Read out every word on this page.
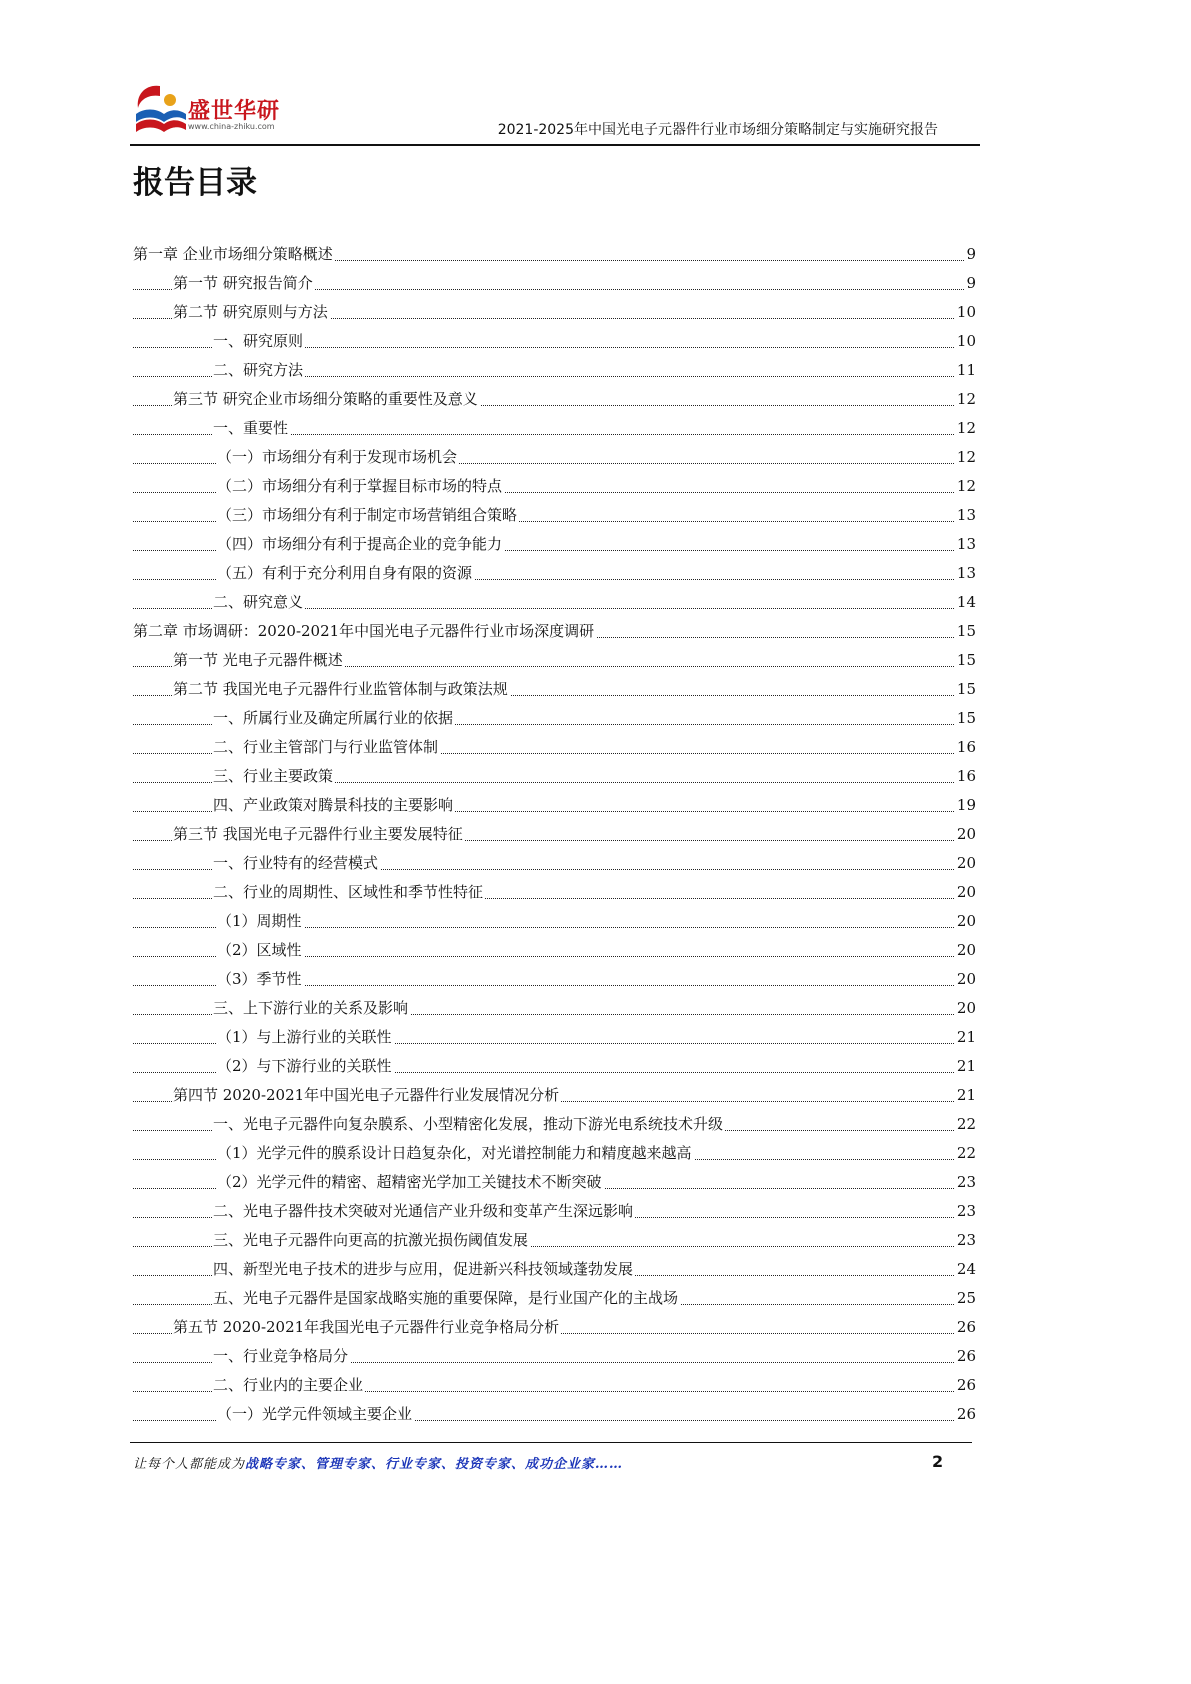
盛世华研
www.china-zhiku.com	2021-2025年中国光电子元器件行业市场细分策略制定与实施研究报告
报告目录
第一章 企业市场细分策略概述	9
第一节 研究报告简介	9
第二节 研究原则与方法	10
一、研究原则	10
二、研究方法	11
第三节 研究企业市场细分策略的重要性及意义	12
一、重要性	12
（一）市场细分有利于发现市场机会	12
（二）市场细分有利于掌握目标市场的特点	12
（三）市场细分有利于制定市场营销组合策略	13
（四）市场细分有利于提高企业的竞争能力	13
（五）有利于充分利用自身有限的资源	13
二、研究意义	14
第二章 市场调研：2020-2021年中国光电子元器件行业市场深度调研	15
第一节 光电子元器件概述	15
第二节 我国光电子元器件行业监管体制与政策法规	15
一、所属行业及确定所属行业的依据	15
二、行业主管部门与行业监管体制	16
三、行业主要政策	16
四、产业政策对腾景科技的主要影响	19
第三节 我国光电子元器件行业主要发展特征	20
一、行业特有的经营模式	20
二、行业的周期性、区域性和季节性特征	20
（1）周期性	20
（2）区域性	20
（3）季节性	20
三、上下游行业的关系及影响	20
（1）与上游行业的关联性	21
（2）与下游行业的关联性	21
第四节 2020-2021年中国光电子元器件行业发展情况分析	21
一、光电子元器件向复杂膜系、小型精密化发展，推动下游光电系统技术升级	22
（1）光学元件的膜系设计日趋复杂化，对光谱控制能力和精度越来越高	22
（2）光学元件的精密、超精密光学加工关键技术不断突破	23
二、光电子器件技术突破对光通信产业升级和变革产生深远影响	23
三、光电子元器件向更高的抗激光损伤阈值发展	23
四、新型光电子技术的进步与应用，促进新兴科技领域蓬勃发展	24
五、光电子元器件是国家战略实施的重要保障，是行业国产化的主战场	25
第五节 2020-2021年我国光电子元器件行业竞争格局分析	26
一、行业竞争格局分	26
二、行业内的主要企业	26
（一）光学元件领域主要企业	26
让每个人都能成为战略专家、管理专家、行业专家、投资专家、成功企业家……	2
